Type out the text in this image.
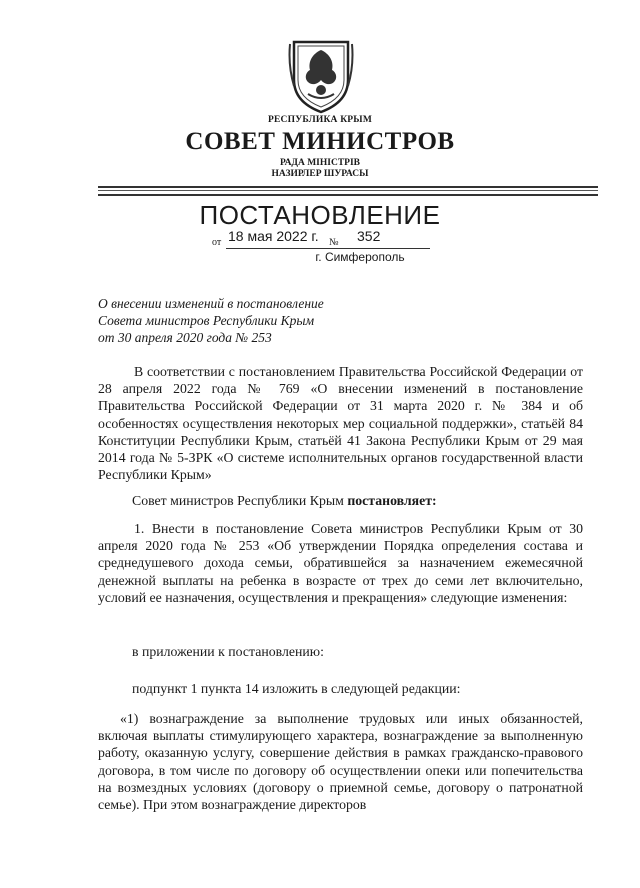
РЕСПУБЛИКА КРЫМ
СОВЕТ МИНИСТРОВ
РАДА МІНІСТРІВ
НАЗИРЛЕР ШУРАСЫ
ПОСТАНОВЛЕНИЕ
от 18 мая 2022 г. № 352
г. Симферополь
О внесении изменений в постановление
Совета министров Республики Крым
от 30 апреля 2020 года № 253
В соответствии с постановлением Правительства Российской Федерации от 28 апреля 2022 года № 769 «О внесении изменений в постановление Правительства Российской Федерации от 31 марта 2020 г. № 384 и об особенностях осуществления некоторых мер социальной поддержки», статьёй 84 Конституции Республики Крым, статьёй 41 Закона Республики Крым от 29 мая 2014 года № 5-ЗРК «О системе исполнительных органов государственной власти Республики Крым»
Совет министров Республики Крым постановляет:
1. Внести в постановление Совета министров Республики Крым от 30 апреля 2020 года № 253 «Об утверждении Порядка определения состава и среднедушевого дохода семьи, обратившейся за назначением ежемесячной денежной выплаты на ребенка в возрасте от трех до семи лет включительно, условий ее назначения, осуществления и прекращения» следующие изменения:
в приложении к постановлению:
подпункт 1 пункта 14 изложить в следующей редакции:
«1) вознаграждение за выполнение трудовых или иных обязанностей, включая выплаты стимулирующего характера, вознаграждение за выполненную работу, оказанную услугу, совершение действия в рамках гражданско-правового договора, в том числе по договору об осуществлении опеки или попечительства на возмездных условиях (договору о приемной семье, договору о патронатной семье). При этом вознаграждение директоров
